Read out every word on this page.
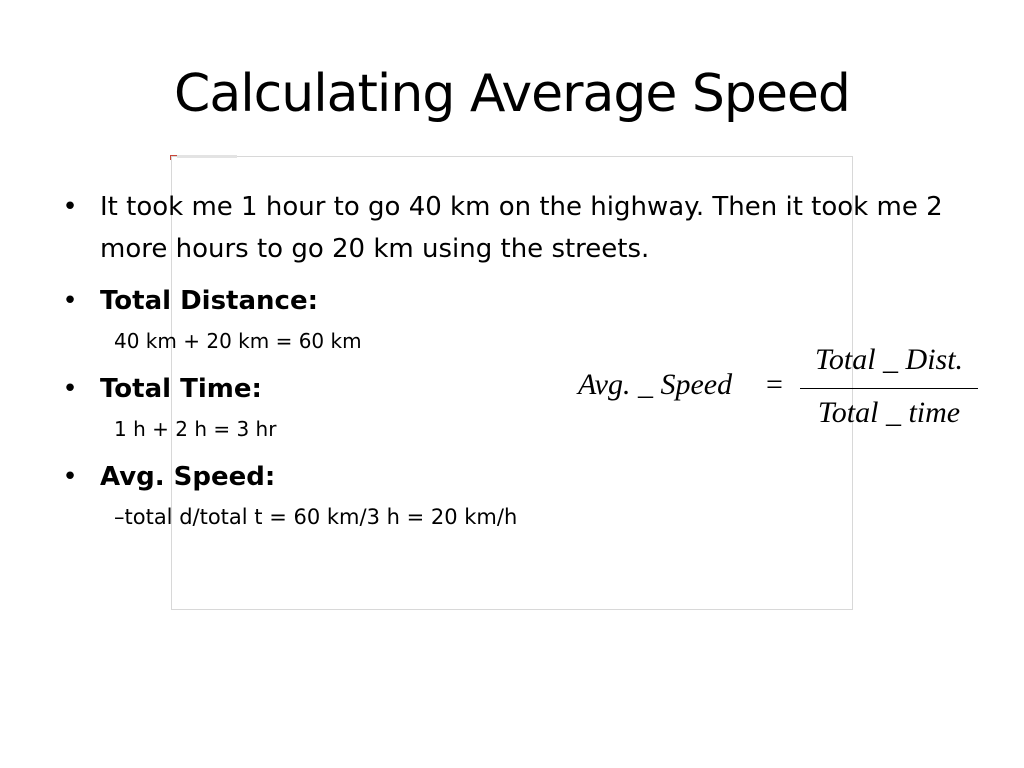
Calculating Average Speed

• It took me 1 hour to go 40 km on the highway. Then it took me 2 more hours to go 20 km using the streets.

• Total Distance:

40 km + 20 km = 60 km

• Total Time:

1 h + 2 h = 3 hr

• Avg. Speed:

–total d/total t = 60 km/3 h = 20 km/h

Avg. _ Speed =
Total _ Dist.
Total _ time
